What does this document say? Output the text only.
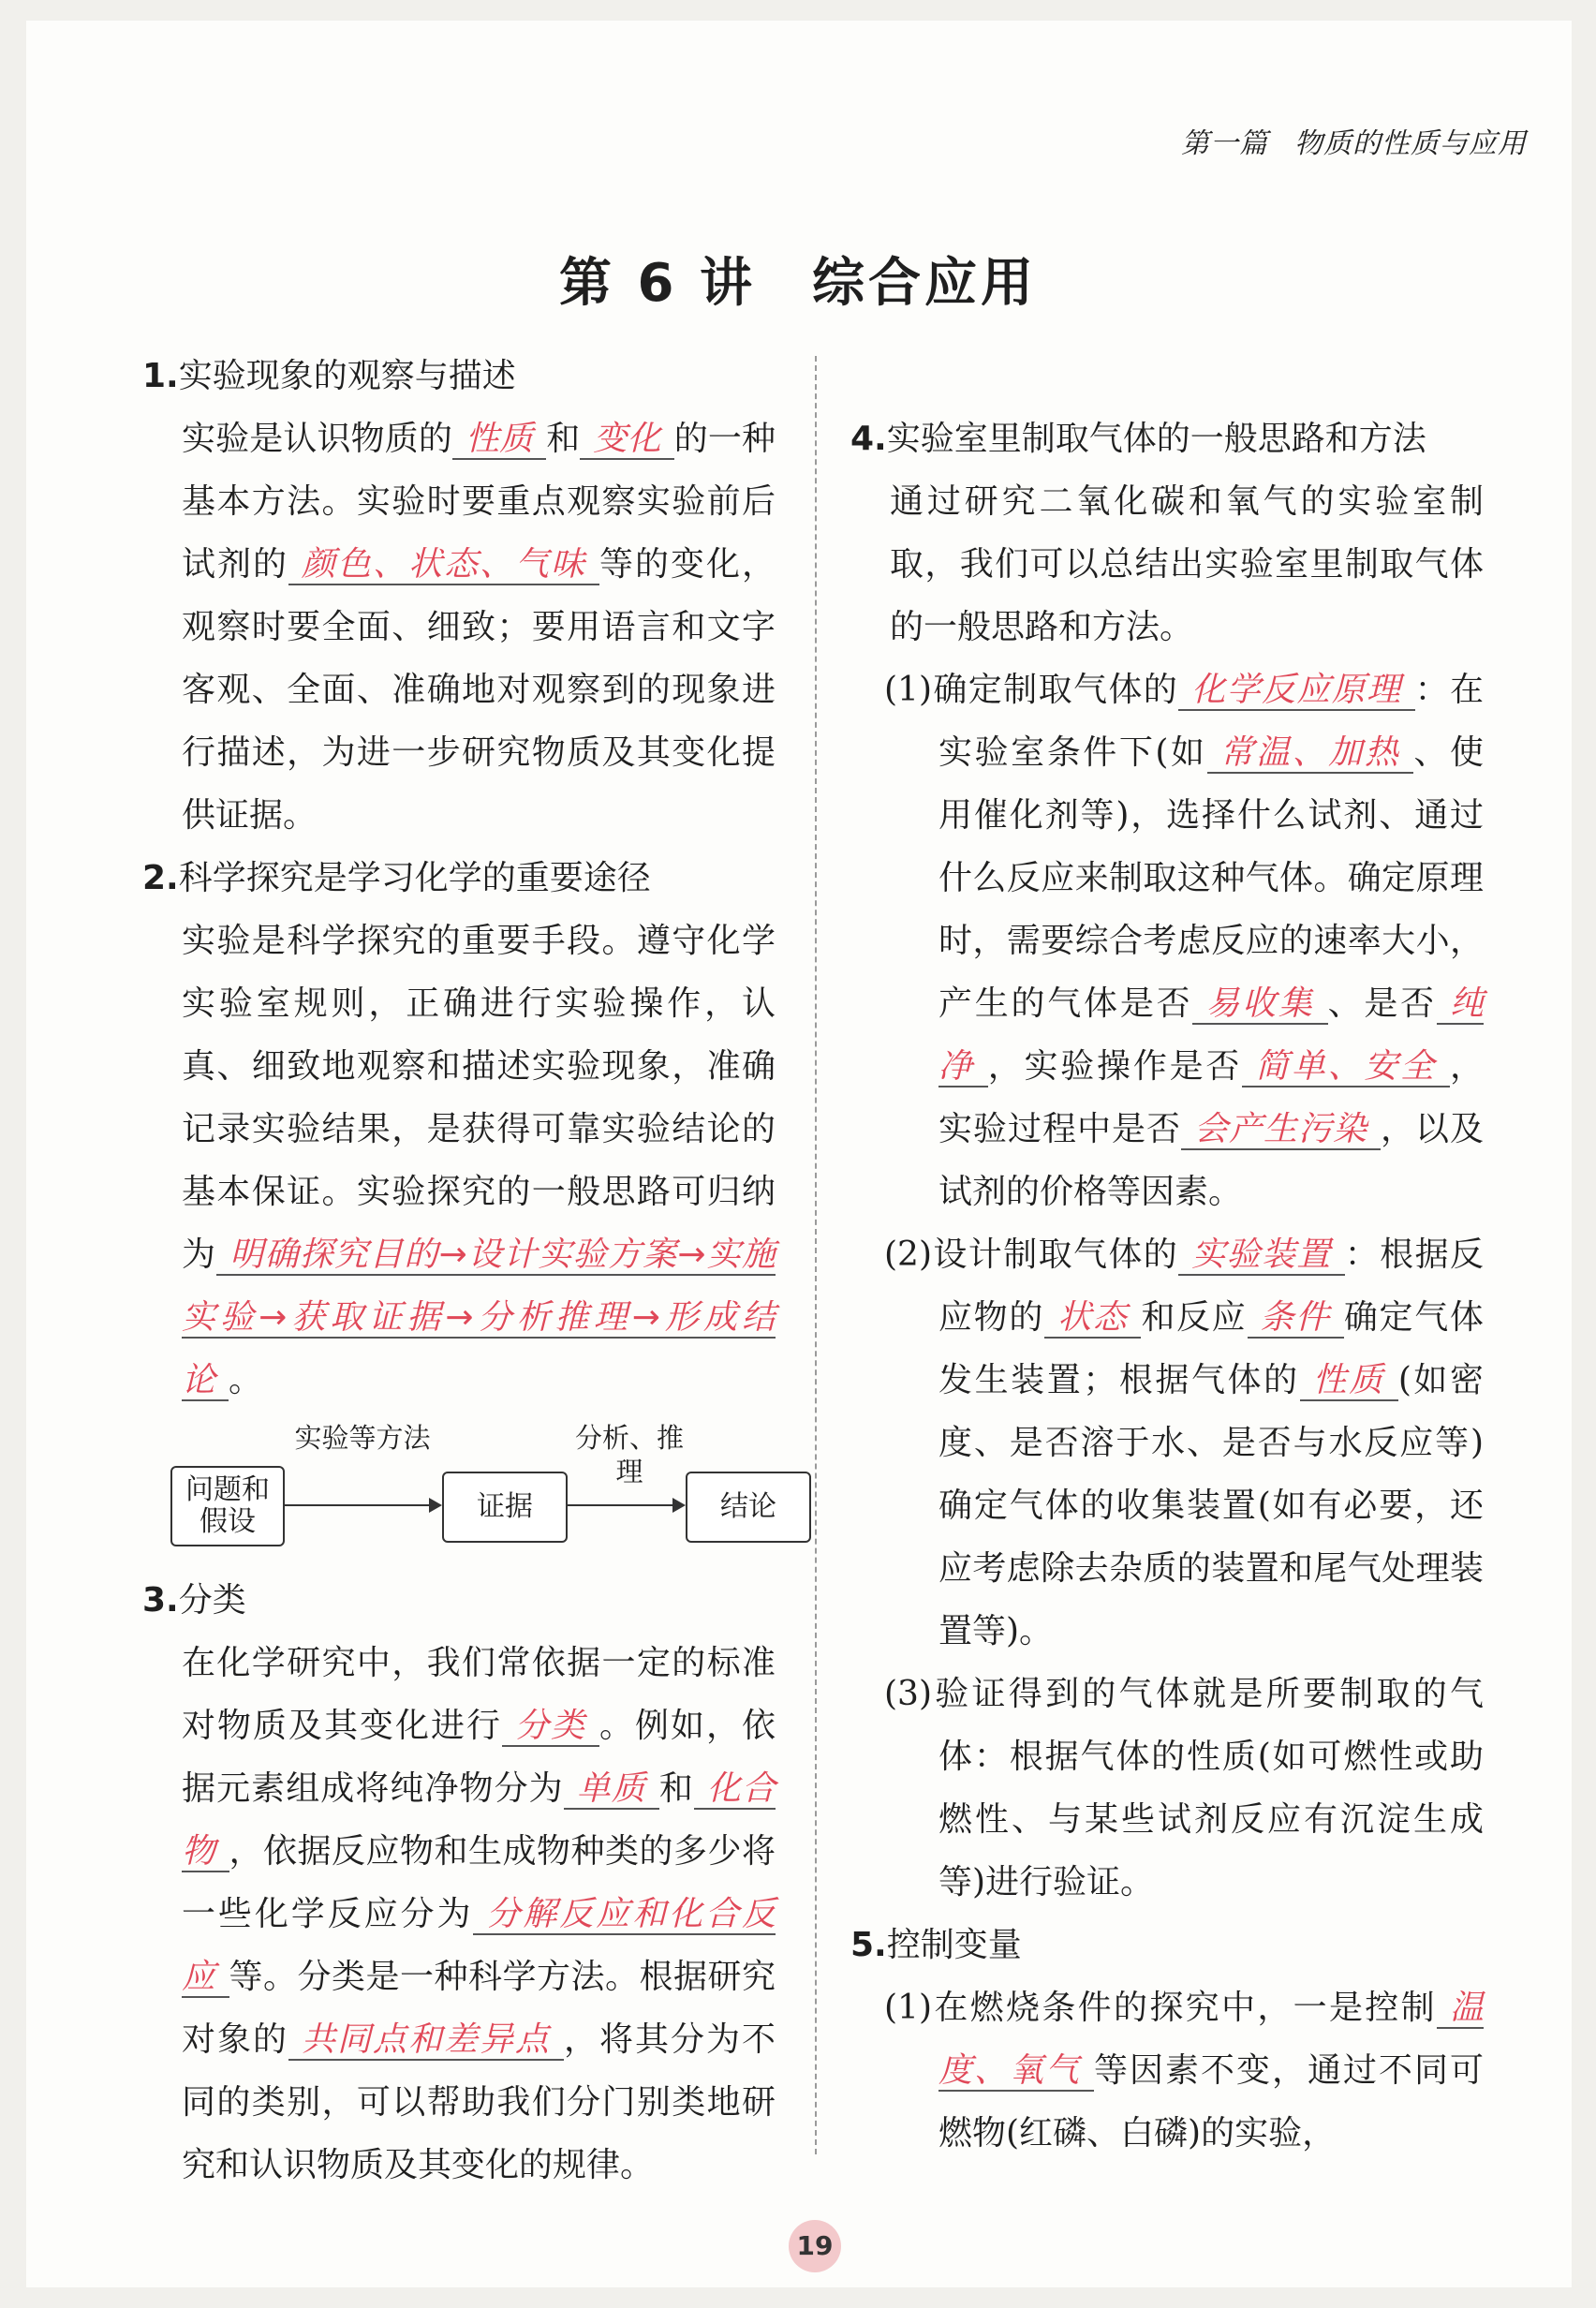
第一篇 物质的性质与应用
第 6 讲 综合应用
1.实验现象的观察与描述

实验是认识物质的 性质 和 变化 的一种基本方法。实验时要重点观察实验前后试剂的 颜色、状态、气味 等的变化，观察时要全面、细致；要用语言和文字客观、全面、准确地对观察到的现象进行描述，为进一步研究物质及其变化提供证据。

2.科学探究是学习化学的重要途径

实验是科学探究的重要手段。遵守化学实验室规则，正确进行实验操作，认真、细致地观察和描述实验现象，准确记录实验结果，是获得可靠实验结论的基本保证。实验探究的一般思路可归纳为 明确探究目的→设计实验方案→实施实验→获取证据→分析推理→形成结论 。

问题和假设
实验等方法
证据
分析、推理
结论
3.分类

在化学研究中，我们常依据一定的标准对物质及其变化进行 分类 。例如，依据元素组成将纯净物分为 单质 和 化合物 ，依据反应物和生成物种类的多少将一些化学反应分为 分解反应和化合反应 等。分类是一种科学方法。根据研究对象的 共同点和差异点 ，将其分为不同的类别，可以帮助我们分门别类地研究和认识物质及其变化的规律。

4.实验室里制取气体的一般思路和方法

通过研究二氧化碳和氧气的实验室制取，我们可以总结出实验室里制取气体的一般思路和方法。

(1)确定制取气体的 化学反应原理 ：在实验室条件下(如 常温、加热 、使用催化剂等)，选择什么试剂、通过什么反应来制取这种气体。确定原理时，需要综合考虑反应的速率大小，产生的气体是否 易收集 、是否 纯净 ，实验操作是否 简单、安全 ，实验过程中是否 会产生污染 ，以及试剂的价格等因素。

(2)设计制取气体的 实验装置 ：根据反应物的 状态 和反应 条件 确定气体发生装置；根据气体的 性质 (如密度、是否溶于水、是否与水反应等)确定气体的收集装置(如有必要，还应考虑除去杂质的装置和尾气处理装置等)。

(3)验证得到的气体就是所要制取的气体：根据气体的性质(如可燃性或助燃性、与某些试剂反应有沉淀生成等)进行验证。

5.控制变量

(1)在燃烧条件的探究中，一是控制 温度、氧气 等因素不变，通过不同可燃物(红磷、白磷)的实验，

19
